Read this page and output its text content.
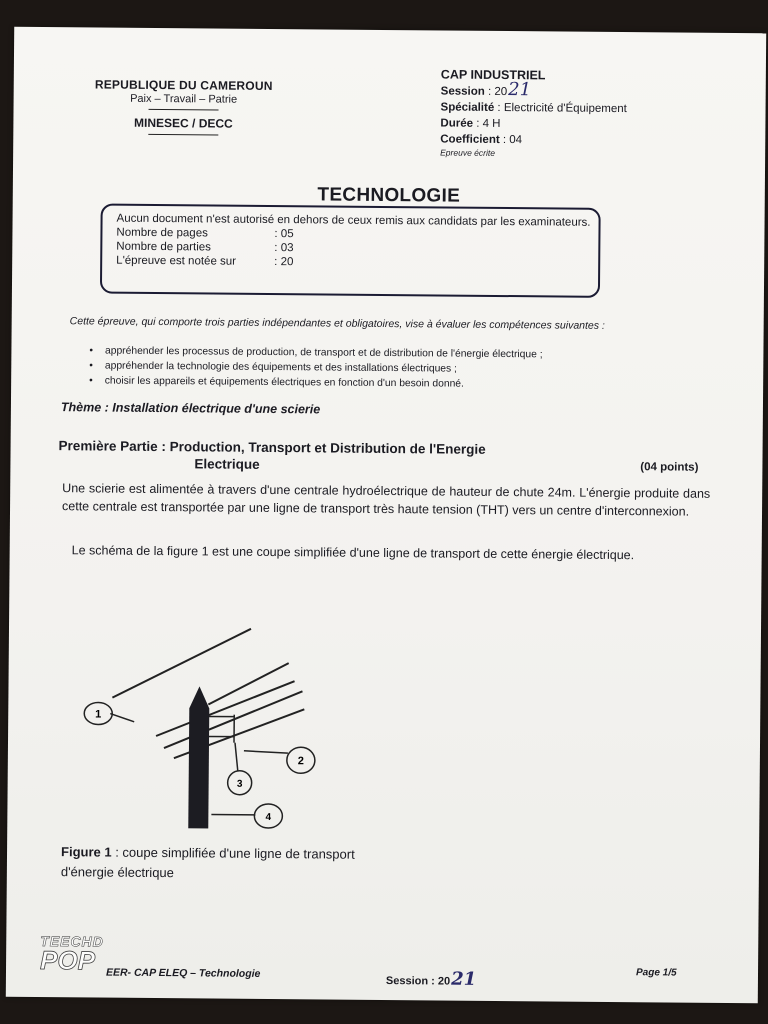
REPUBLIQUE DU CAMEROUN
Paix – Travail – Patrie
MINESEC / DECC
CAP INDUSTRIEL
Session : 2021
Spécialité : Electricité d'Équipement
Durée : 4 H
Coefficient : 04
Epreuve écrite
TECHNOLOGIE
Aucun document n'est autorisé en dehors de ceux remis aux candidats par les examinateurs.
Nombre de pages	: 05
Nombre de parties	: 03
L'épreuve est notée sur	: 20
Cette épreuve, qui comporte trois parties indépendantes et obligatoires, vise à évaluer les compétences suivantes :
• appréhender les processus de production, de transport et de distribution de l'énergie électrique ;
• appréhender la technologie des équipements et des installations électriques ;
• choisir les appareils et équipements électriques en fonction d'un besoin donné.
Thème : Installation électrique d'une scierie
Première Partie : Production, Transport et Distribution de l'Energie
Electrique	(04 points)
Une scierie est alimentée à travers d'une centrale hydroélectrique de hauteur de chute 24m. L'énergie produite dans cette centrale est transportée par une ligne de transport très haute tension (THT) vers un centre d'interconnexion.
Le schéma de la figure 1 est une coupe simplifiée d'une ligne de transport de cette énergie électrique.
1
2
3
4
Figure 1 : coupe simplifiée d'une ligne de transport d'énergie électrique
EER- CAP ELEQ – Technologie
Session : 2021	Page 1/5
TEECHD
POP
